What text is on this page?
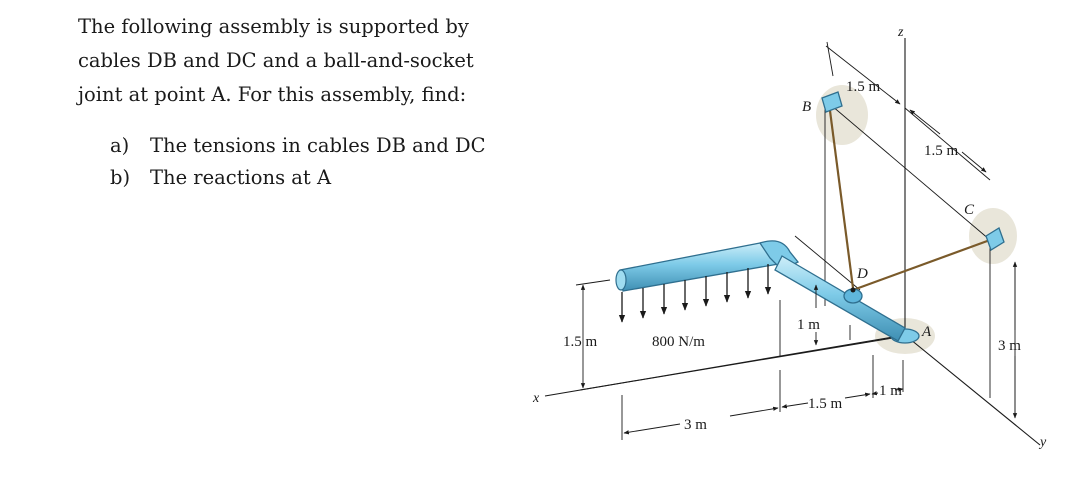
The following assembly is supported by
cables DB and DC and a ball-and-socket
joint at point A. For this assembly, find:

a)	The tensions in cables DB and DC
b)	The reactions at A
z
y
x
B
C
D
A
1.5 m	800 N/m
1 m
1.5 m
1.5 m
3 m
3 m
1.5 m
1 m
